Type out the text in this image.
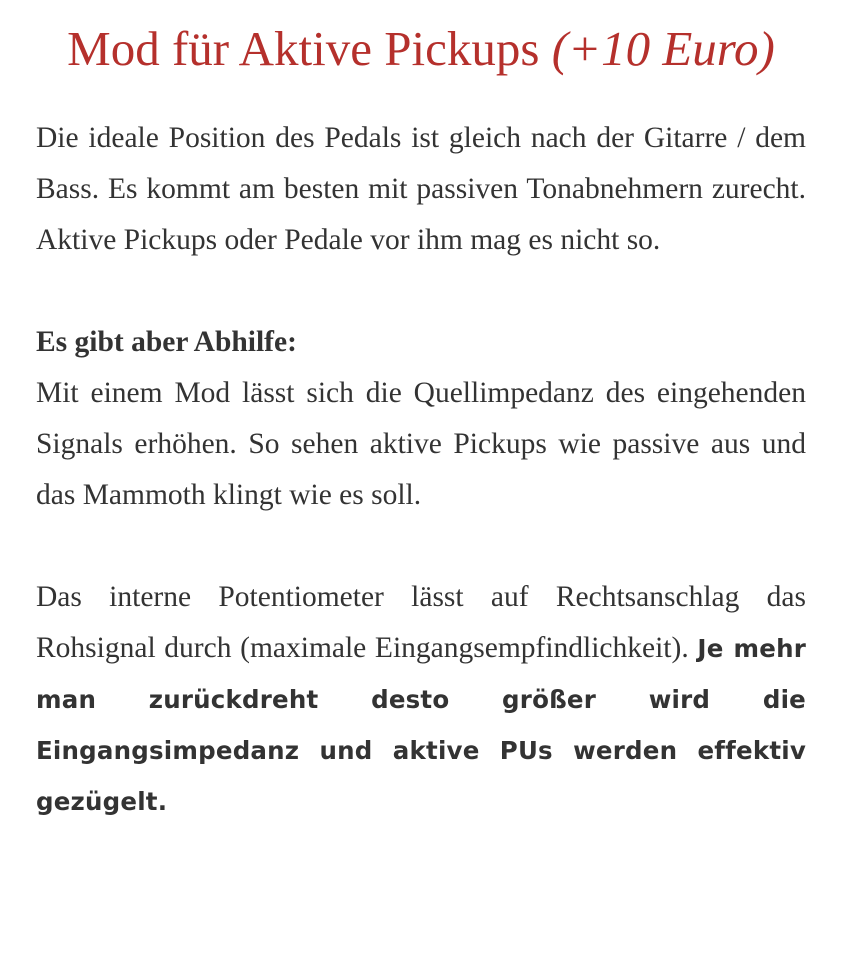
Mod für Aktive Pickups (+10 Euro)

Die ideale Position des Pedals ist gleich nach der Gitarre / dem Bass. Es kommt am besten mit passiven Tonabnehmern zurecht. Aktive Pickups oder Pedale vor ihm mag es nicht so.

Es gibt aber Abhilfe:
Mit einem Mod lässt sich die Quellimpedanz des eingehenden Signals erhöhen. So sehen aktive Pickups wie passive aus und das Mammoth klingt wie es soll.

Das interne Potentiometer lässt auf Rechtsanschlag das Rohsignal durch (maximale Eingangsempfindlichkeit). Je mehr man zurückdreht desto größer wird die Eingangsimpedanz und aktive PUs werden effektiv gezügelt.
